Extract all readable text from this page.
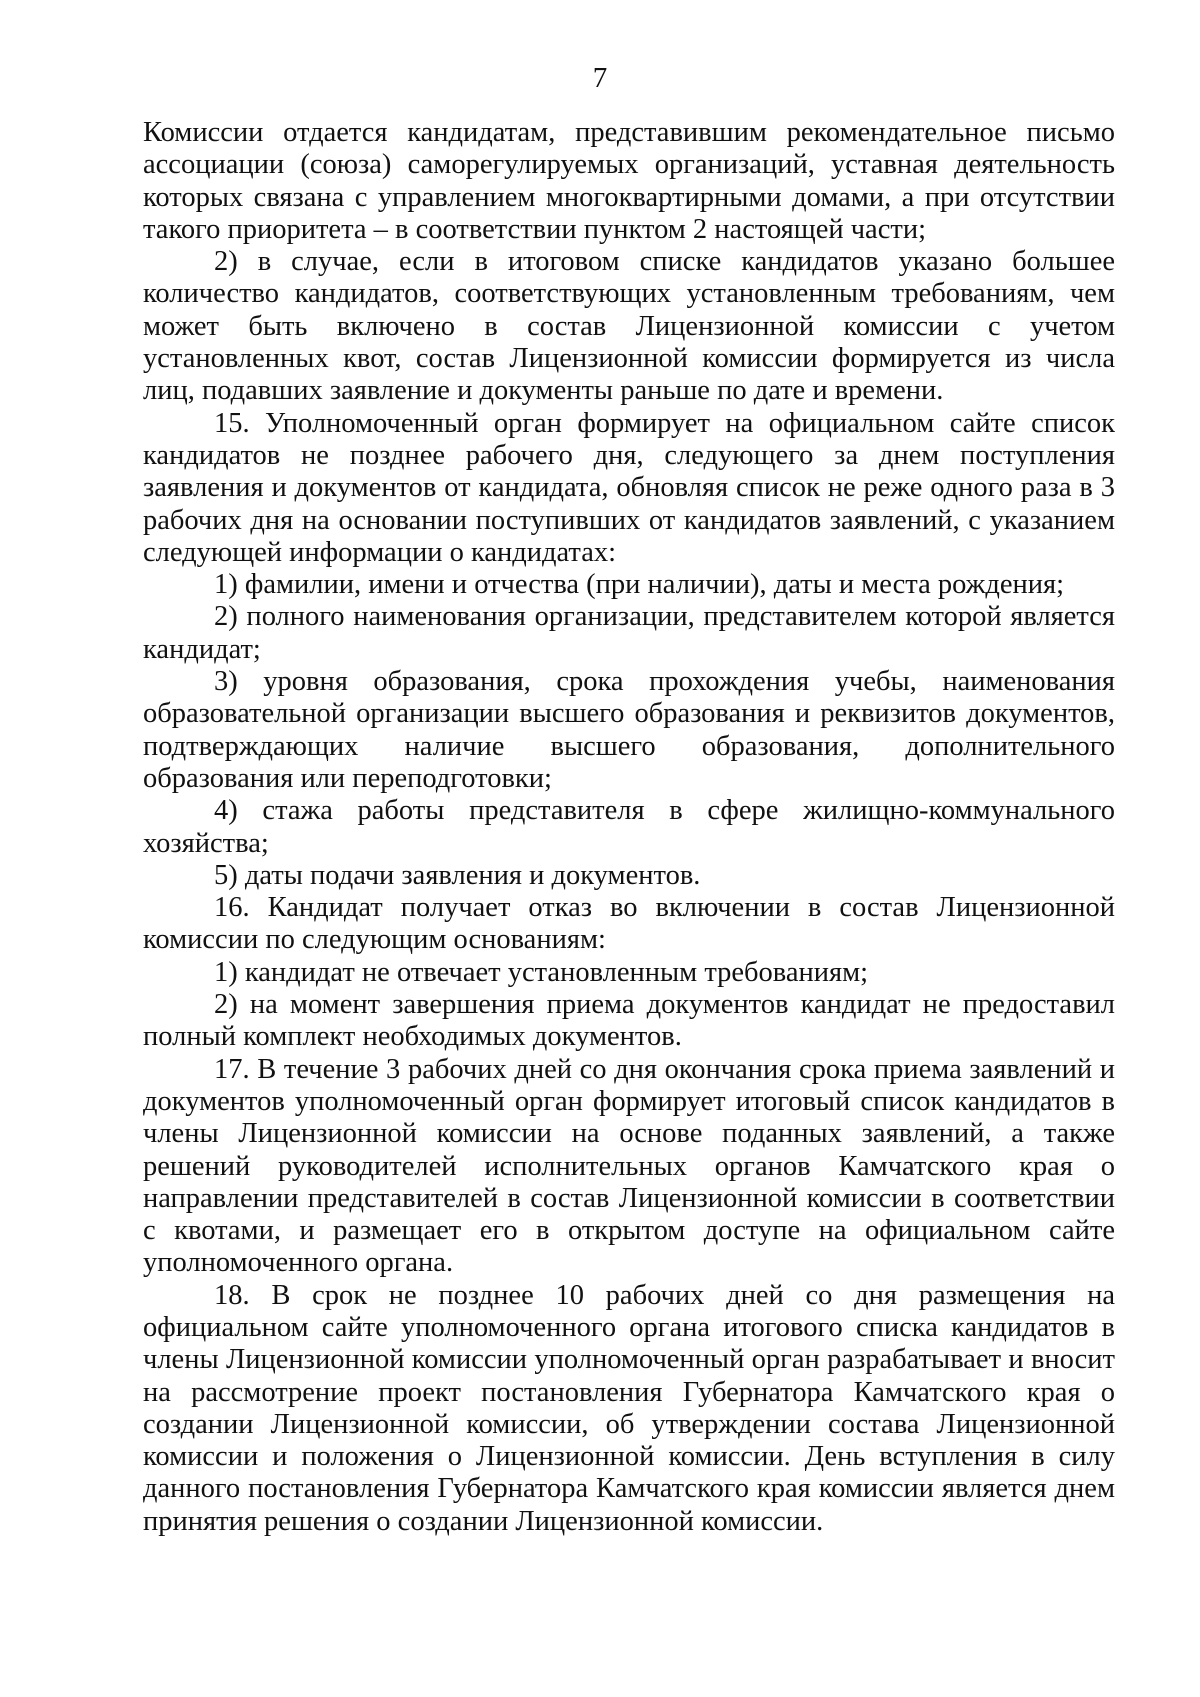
7

Комиссии отдается кандидатам, представившим рекомендательное письмо ассоциации (союза) саморегулируемых организаций, уставная деятельность которых связана с управлением многоквартирными домами, а при отсутствии такого приоритета – в соответствии пунктом 2 настоящей части;

2) в случае, если в итоговом списке кандидатов указано большее количество кандидатов, соответствующих установленным требованиям, чем может быть включено в состав Лицензионной комиссии с учетом установленных квот, состав Лицензионной комиссии формируется из числа лиц, подавших заявление и документы раньше по дате и времени.

15. Уполномоченный орган формирует на официальном сайте список кандидатов не позднее рабочего дня, следующего за днем поступления заявления и документов от кандидата, обновляя список не реже одного раза в 3 рабочих дня на основании поступивших от кандидатов заявлений, с указанием следующей информации о кандидатах:

1) фамилии, имени и отчества (при наличии), даты и места рождения;

2) полного наименования организации, представителем которой является кандидат;

3) уровня образования, срока прохождения учебы, наименования образовательной организации высшего образования и реквизитов документов, подтверждающих наличие высшего образования, дополнительного образования или переподготовки;

4) стажа работы представителя в сфере жилищно-коммунального хозяйства;

5) даты подачи заявления и документов.

16. Кандидат получает отказ во включении в состав Лицензионной комиссии по следующим основаниям:

1) кандидат не отвечает установленным требованиям;

2) на момент завершения приема документов кандидат не предоставил полный комплект необходимых документов.

17. В течение 3 рабочих дней со дня окончания срока приема заявлений и документов уполномоченный орган формирует итоговый список кандидатов в члены Лицензионной комиссии на основе поданных заявлений, а также решений руководителей исполнительных органов Камчатского края о направлении представителей в состав Лицензионной комиссии в соответствии с квотами, и размещает его в открытом доступе на официальном сайте уполномоченного органа.

18. В срок не позднее 10 рабочих дней со дня размещения на официальном сайте уполномоченного органа итогового списка кандидатов в члены Лицензионной комиссии уполномоченный орган разрабатывает и вносит на рассмотрение проект постановления Губернатора Камчатского края о создании Лицензионной комиссии, об утверждении состава Лицензионной комиссии и положения о Лицензионной комиссии. День вступления в силу данного постановления Губернатора Камчатского края комиссии является днем принятия решения о создании Лицензионной комиссии.
